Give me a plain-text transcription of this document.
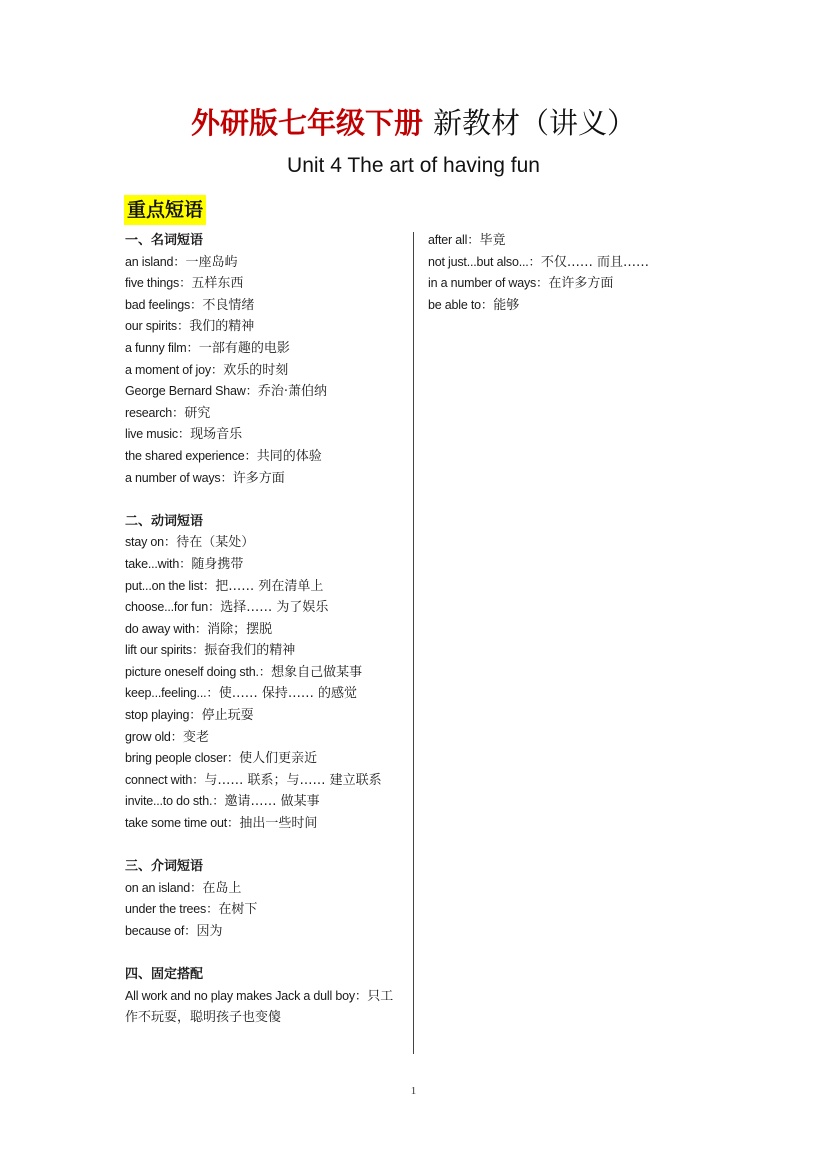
外研版七年级下册 新教材（讲义）
Unit 4 The art of having fun
重点短语
一、名词短语
an island：一座岛屿
five things：五样东西
bad feelings：不良情绪
our spirits：我们的精神
a funny film：一部有趣的电影
a moment of joy：欢乐的时刻
George Bernard Shaw：乔治·萧伯纳
research：研究
live music：现场音乐
the shared experience：共同的体验
a number of ways：许多方面
二、动词短语
stay on：待在（某处）
take...with：随身携带
put...on the list：把…… 列在清单上
choose...for fun：选择…… 为了娱乐
do away with：消除；摆脱
lift our spirits：振奋我们的精神
picture oneself doing sth.：想象自己做某事
keep...feeling...：使…… 保持…… 的感觉
stop playing：停止玩耍
grow old：变老
bring people closer：使人们更亲近
connect with：与…… 联系；与…… 建立联系
invite...to do sth.：邀请…… 做某事
take some time out：抽出一些时间
三、介词短语
on an island：在岛上
under the trees：在树下
because of：因为
四、固定搭配
All work and no play makes Jack a dull boy：只工作不玩耍，聪明孩子也变傻
after all：毕竟
not just...but also...：不仅…… 而且……
in a number of ways：在许多方面
be able to：能够
1
